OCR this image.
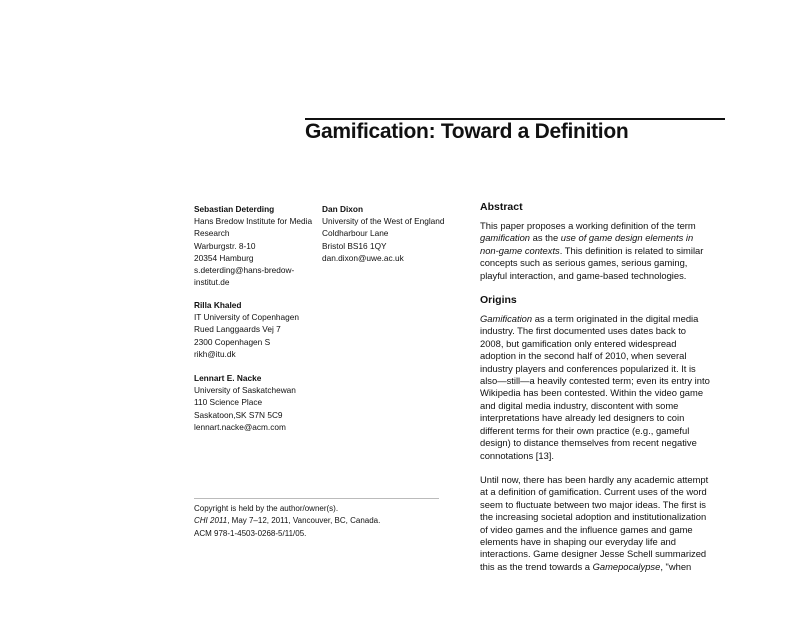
Gamification: Toward a Definition
Sebastian Deterding
Hans Bredow Institute for Media
Research
Warburgstr. 8-10
20354 Hamburg
s.deterding@hans-bredow-
institut.de
Dan Dixon
University of the West of England
Coldharbour Lane
Bristol BS16 1QY
dan.dixon@uwe.ac.uk
Rilla Khaled
IT University of Copenhagen
Rued Langgaards Vej 7
2300 Copenhagen S
rikh@itu.dk
Lennart E. Nacke
University of Saskatchewan
110 Science Place
Saskatoon,SK S7N 5C9
lennart.nacke@acm.com
Copyright is held by the author/owner(s).
CHI 2011, May 7–12, 2011, Vancouver, BC, Canada.
ACM 978-1-4503-0268-5/11/05.
Abstract

This paper proposes a working definition of the term

gamification as the use of game design elements in

non-game contexts. This definition is related to similar

concepts such as serious games, serious gaming,

playful interaction, and game-based technologies.

Origins

Gamification as a term originated in the digital media

industry. The first documented uses dates back to

2008, but gamification only entered widespread

adoption in the second half of 2010, when several

industry players and conferences popularized it. It is

also—still—a heavily contested term; even its entry into

Wikipedia has been contested. Within the video game

and digital media industry, discontent with some

interpretations have already led designers to coin

different terms for their own practice (e.g., gameful

design) to distance themselves from recent negative

connotations [13].

Until now, there has been hardly any academic attempt

at a definition of gamification. Current uses of the word

seem to fluctuate between two major ideas. The first is

the increasing societal adoption and institutionalization

of video games and the influence games and game

elements have in shaping our everyday life and

interactions. Game designer Jesse Schell summarized

this as the trend towards a Gamepocalypse, "when
